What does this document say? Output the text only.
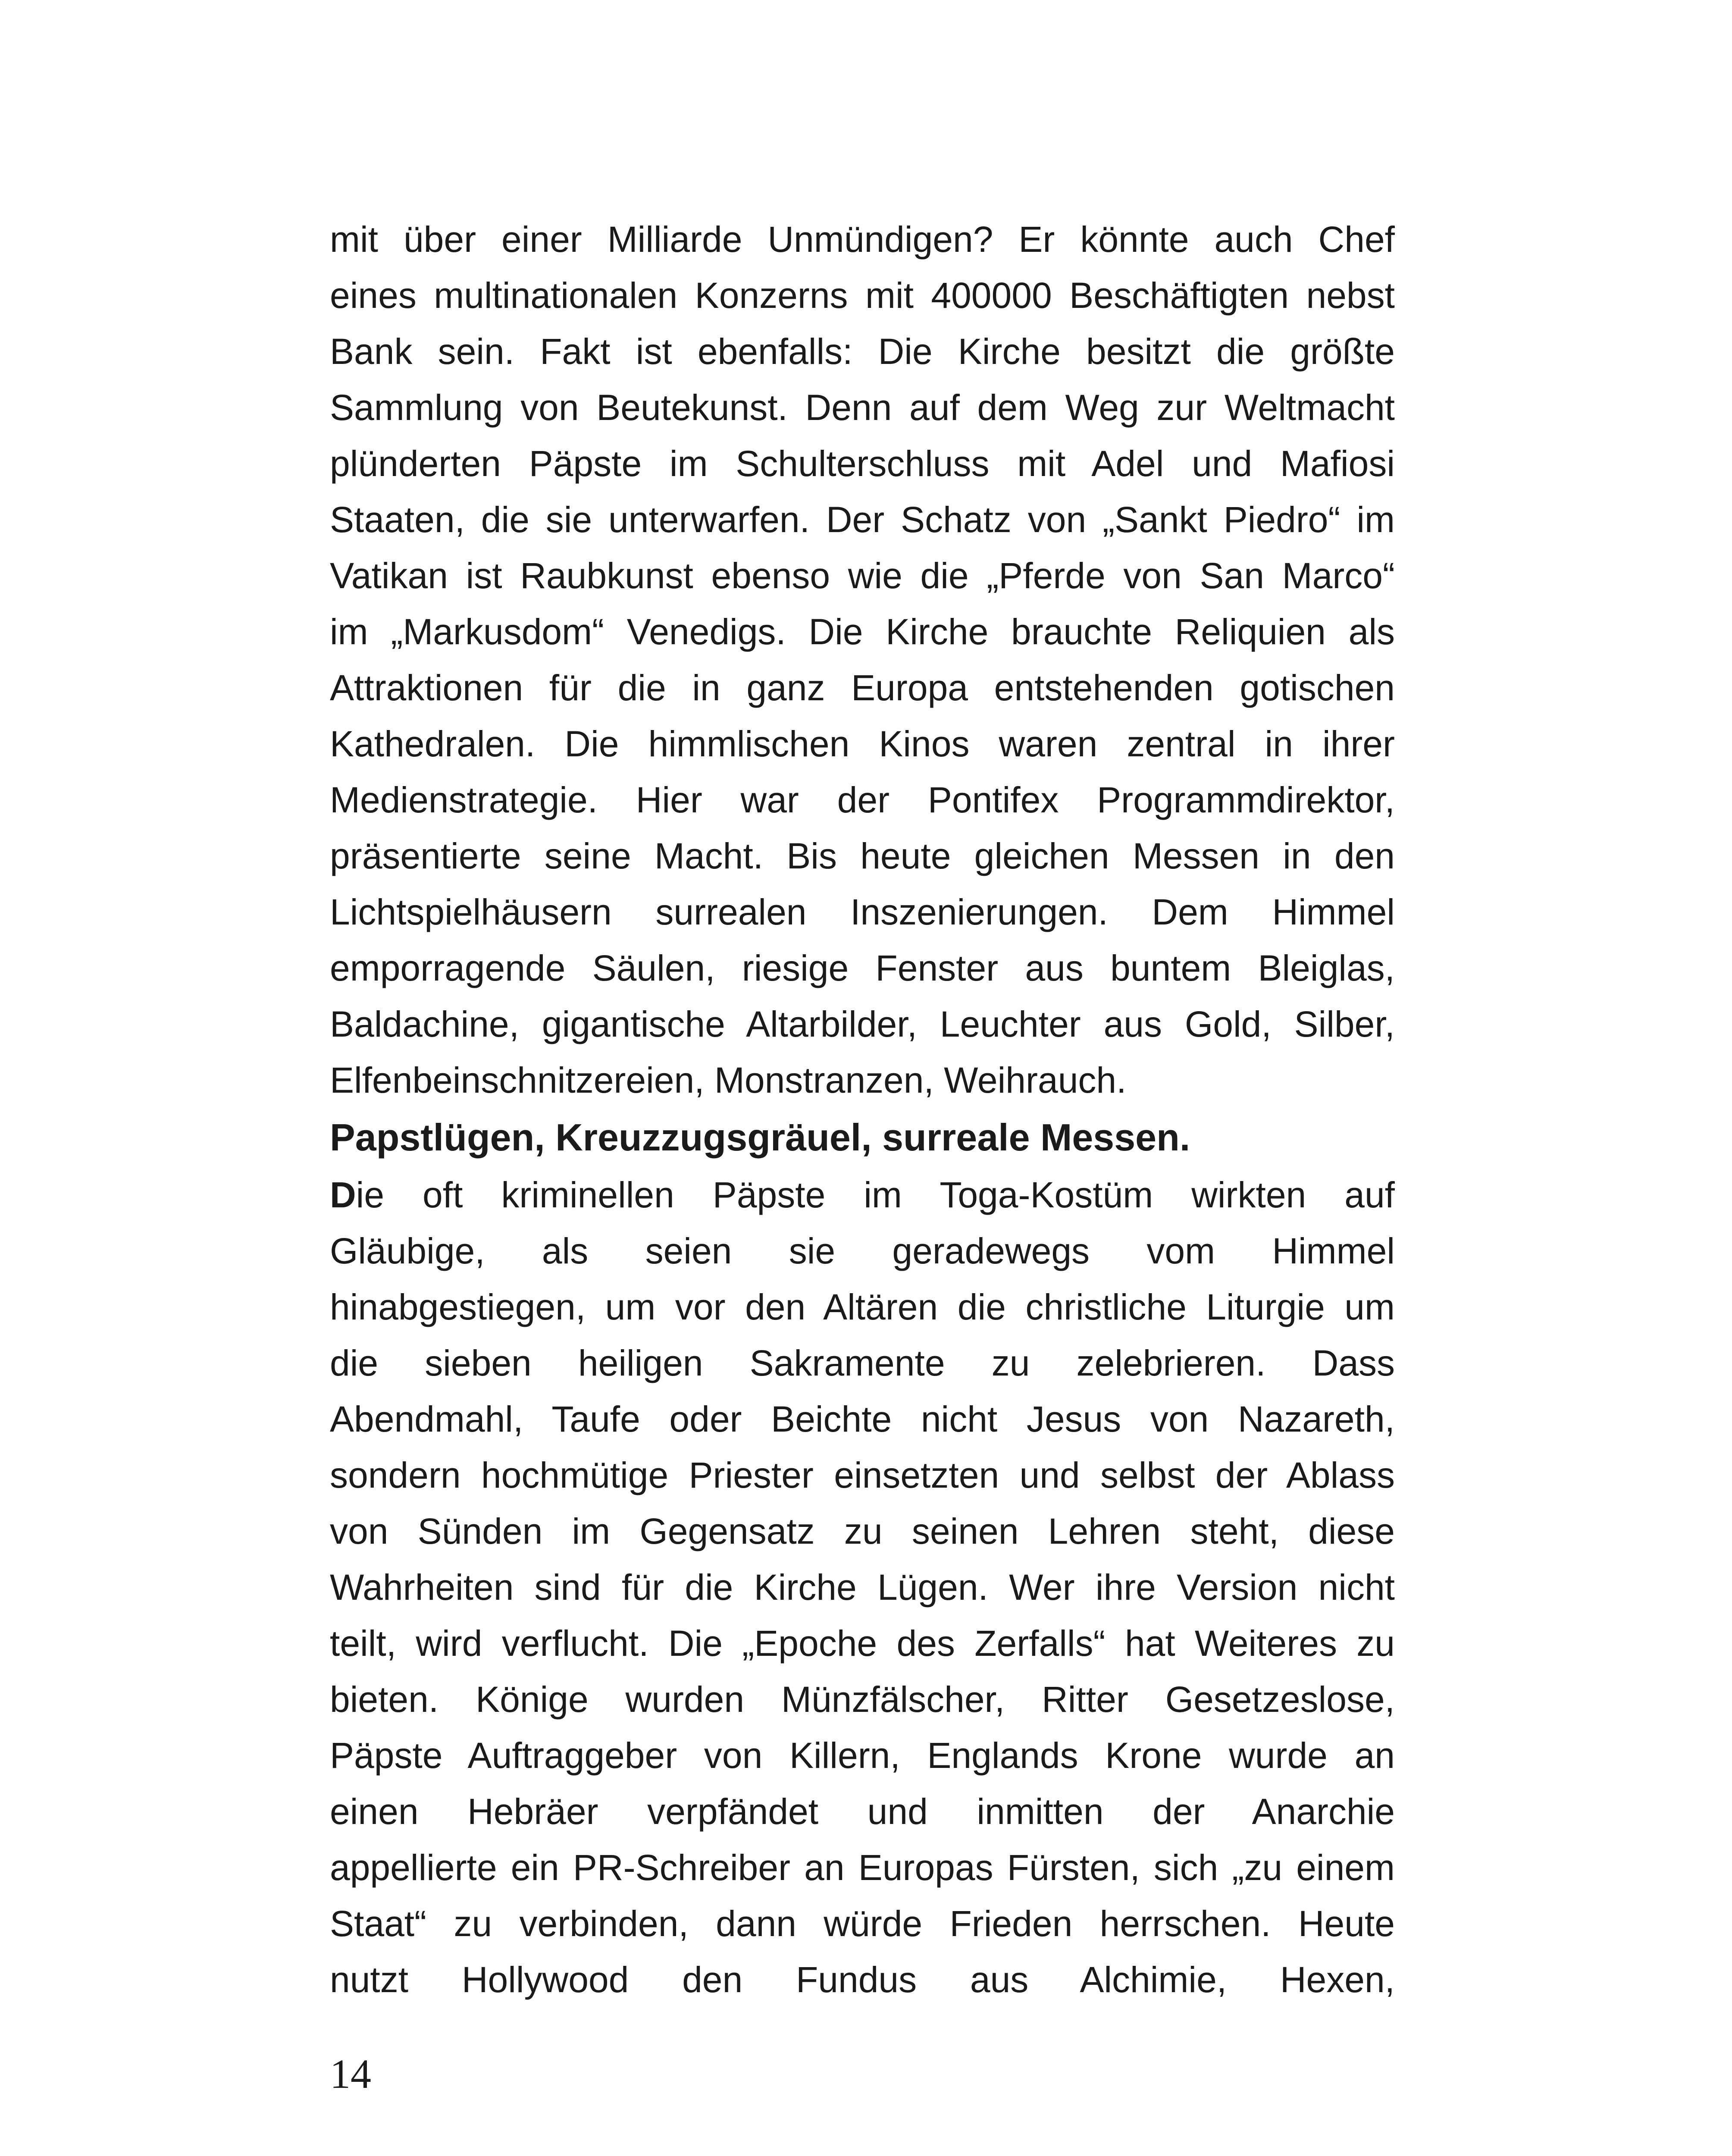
mit über einer Milliarde Unmündigen? Er könnte auch Chef
eines multinationalen Konzerns mit 400000 Beschäftigten nebst
Bank sein. Fakt ist ebenfalls: Die Kirche besitzt die größte
Sammlung von Beutekunst. Denn auf dem Weg zur Weltmacht
plünderten Päpste im Schulterschluss mit Adel und Mafiosi
Staaten, die sie unterwarfen. Der Schatz von „Sankt Piedro“ im
Vatikan ist Raubkunst ebenso wie die „Pferde von San Marco“
im „Markusdom“ Venedigs. Die Kirche brauchte Reliquien als
Attraktionen für die in ganz Europa entstehenden gotischen
Kathedralen. Die himmlischen Kinos waren zentral in ihrer
Medienstrategie. Hier war der Pontifex Programmdirektor,
präsentierte seine Macht. Bis heute gleichen Messen in den
Lichtspielhäusern surrealen Inszenierungen. Dem Himmel
emporragende Säulen, riesige Fenster aus buntem Bleiglas,
Baldachine, gigantische Altarbilder, Leuchter aus Gold, Silber,
Elfenbeinschnitzereien, Monstranzen, Weihrauch.
Papstlügen, Kreuzzugsgräuel, surreale Messen.
Die oft kriminellen Päpste im Toga-Kostüm wirkten auf
Gläubige, als seien sie geradewegs vom Himmel
hinabgestiegen, um vor den Altären die christliche Liturgie um
die sieben heiligen Sakramente zu zelebrieren. Dass
Abendmahl, Taufe oder Beichte nicht Jesus von Nazareth,
sondern hochmütige Priester einsetzten und selbst der Ablass
von Sünden im Gegensatz zu seinen Lehren steht, diese
Wahrheiten sind für die Kirche Lügen. Wer ihre Version nicht
teilt, wird verflucht. Die „Epoche des Zerfalls“ hat Weiteres zu
bieten. Könige wurden Münzfälscher, Ritter Gesetzeslose,
Päpste Auftraggeber von Killern, Englands Krone wurde an
einen Hebräer verpfändet und inmitten der Anarchie
appellierte ein PR-Schreiber an Europas Fürsten, sich „zu einem
Staat“ zu verbinden, dann würde Frieden herrschen. Heute
nutzt Hollywood den Fundus aus Alchimie, Hexen,
14
